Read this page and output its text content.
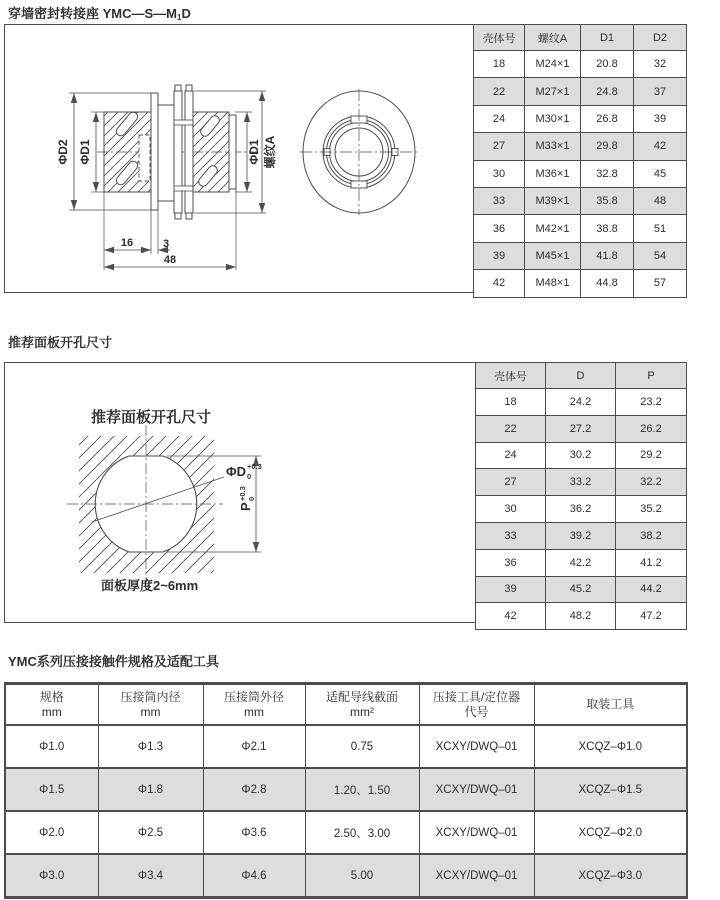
穿墙密封转接座 YMC—S—M1D
ΦD2 ΦD1	ΦD1 螺纹A
16	3
48
壳体号	螺纹A	D1	D2
18	M24×1	20.8	32
22	M27×1	24.8	37
24	M30×1	26.8	39
27	M33×1	29.8	42
30	M36×1	32.8	45
33	M39×1	35.8	48
36	M42×1	38.8	51
39	M45×1	41.8	54
42	M48×1	44.8	57
推荐面板开孔尺寸
推荐面板开孔尺寸
ΦD +0.3
0
P
+0.3 0
面板厚度2~6mm
壳体号	D	P
18	24.2	23.2
22	27.2	26.2
24	30.2	29.2
27	33.2	32.2
30	36.2	35.2
33	39.2	38.2
36	42.2	41.2
39	45.2	44.2
42	48.2	47.2
YMC系列压接接触件规格及适配工具
规格
mm

压接筒内径
mm

压接筒外径
mm

适配导线截面
mm²

压接工具/定位器
代号

取装工具

Φ1.0	Φ1.3	Φ2.1	0.75	XCXY/DWQ–01	XCQZ–Φ1.0
Φ1.5	Φ1.8	Φ2.8	1.20、1.50	XCXY/DWQ–01	XCQZ–Φ1.5
Φ2.0	Φ2.5	Φ3.6	2.50、3.00	XCXY/DWQ–01	XCQZ–Φ2.0
Φ3.0	Φ3.4	Φ4.6	5.00	XCXY/DWQ–01	XCQZ–Φ3.0
